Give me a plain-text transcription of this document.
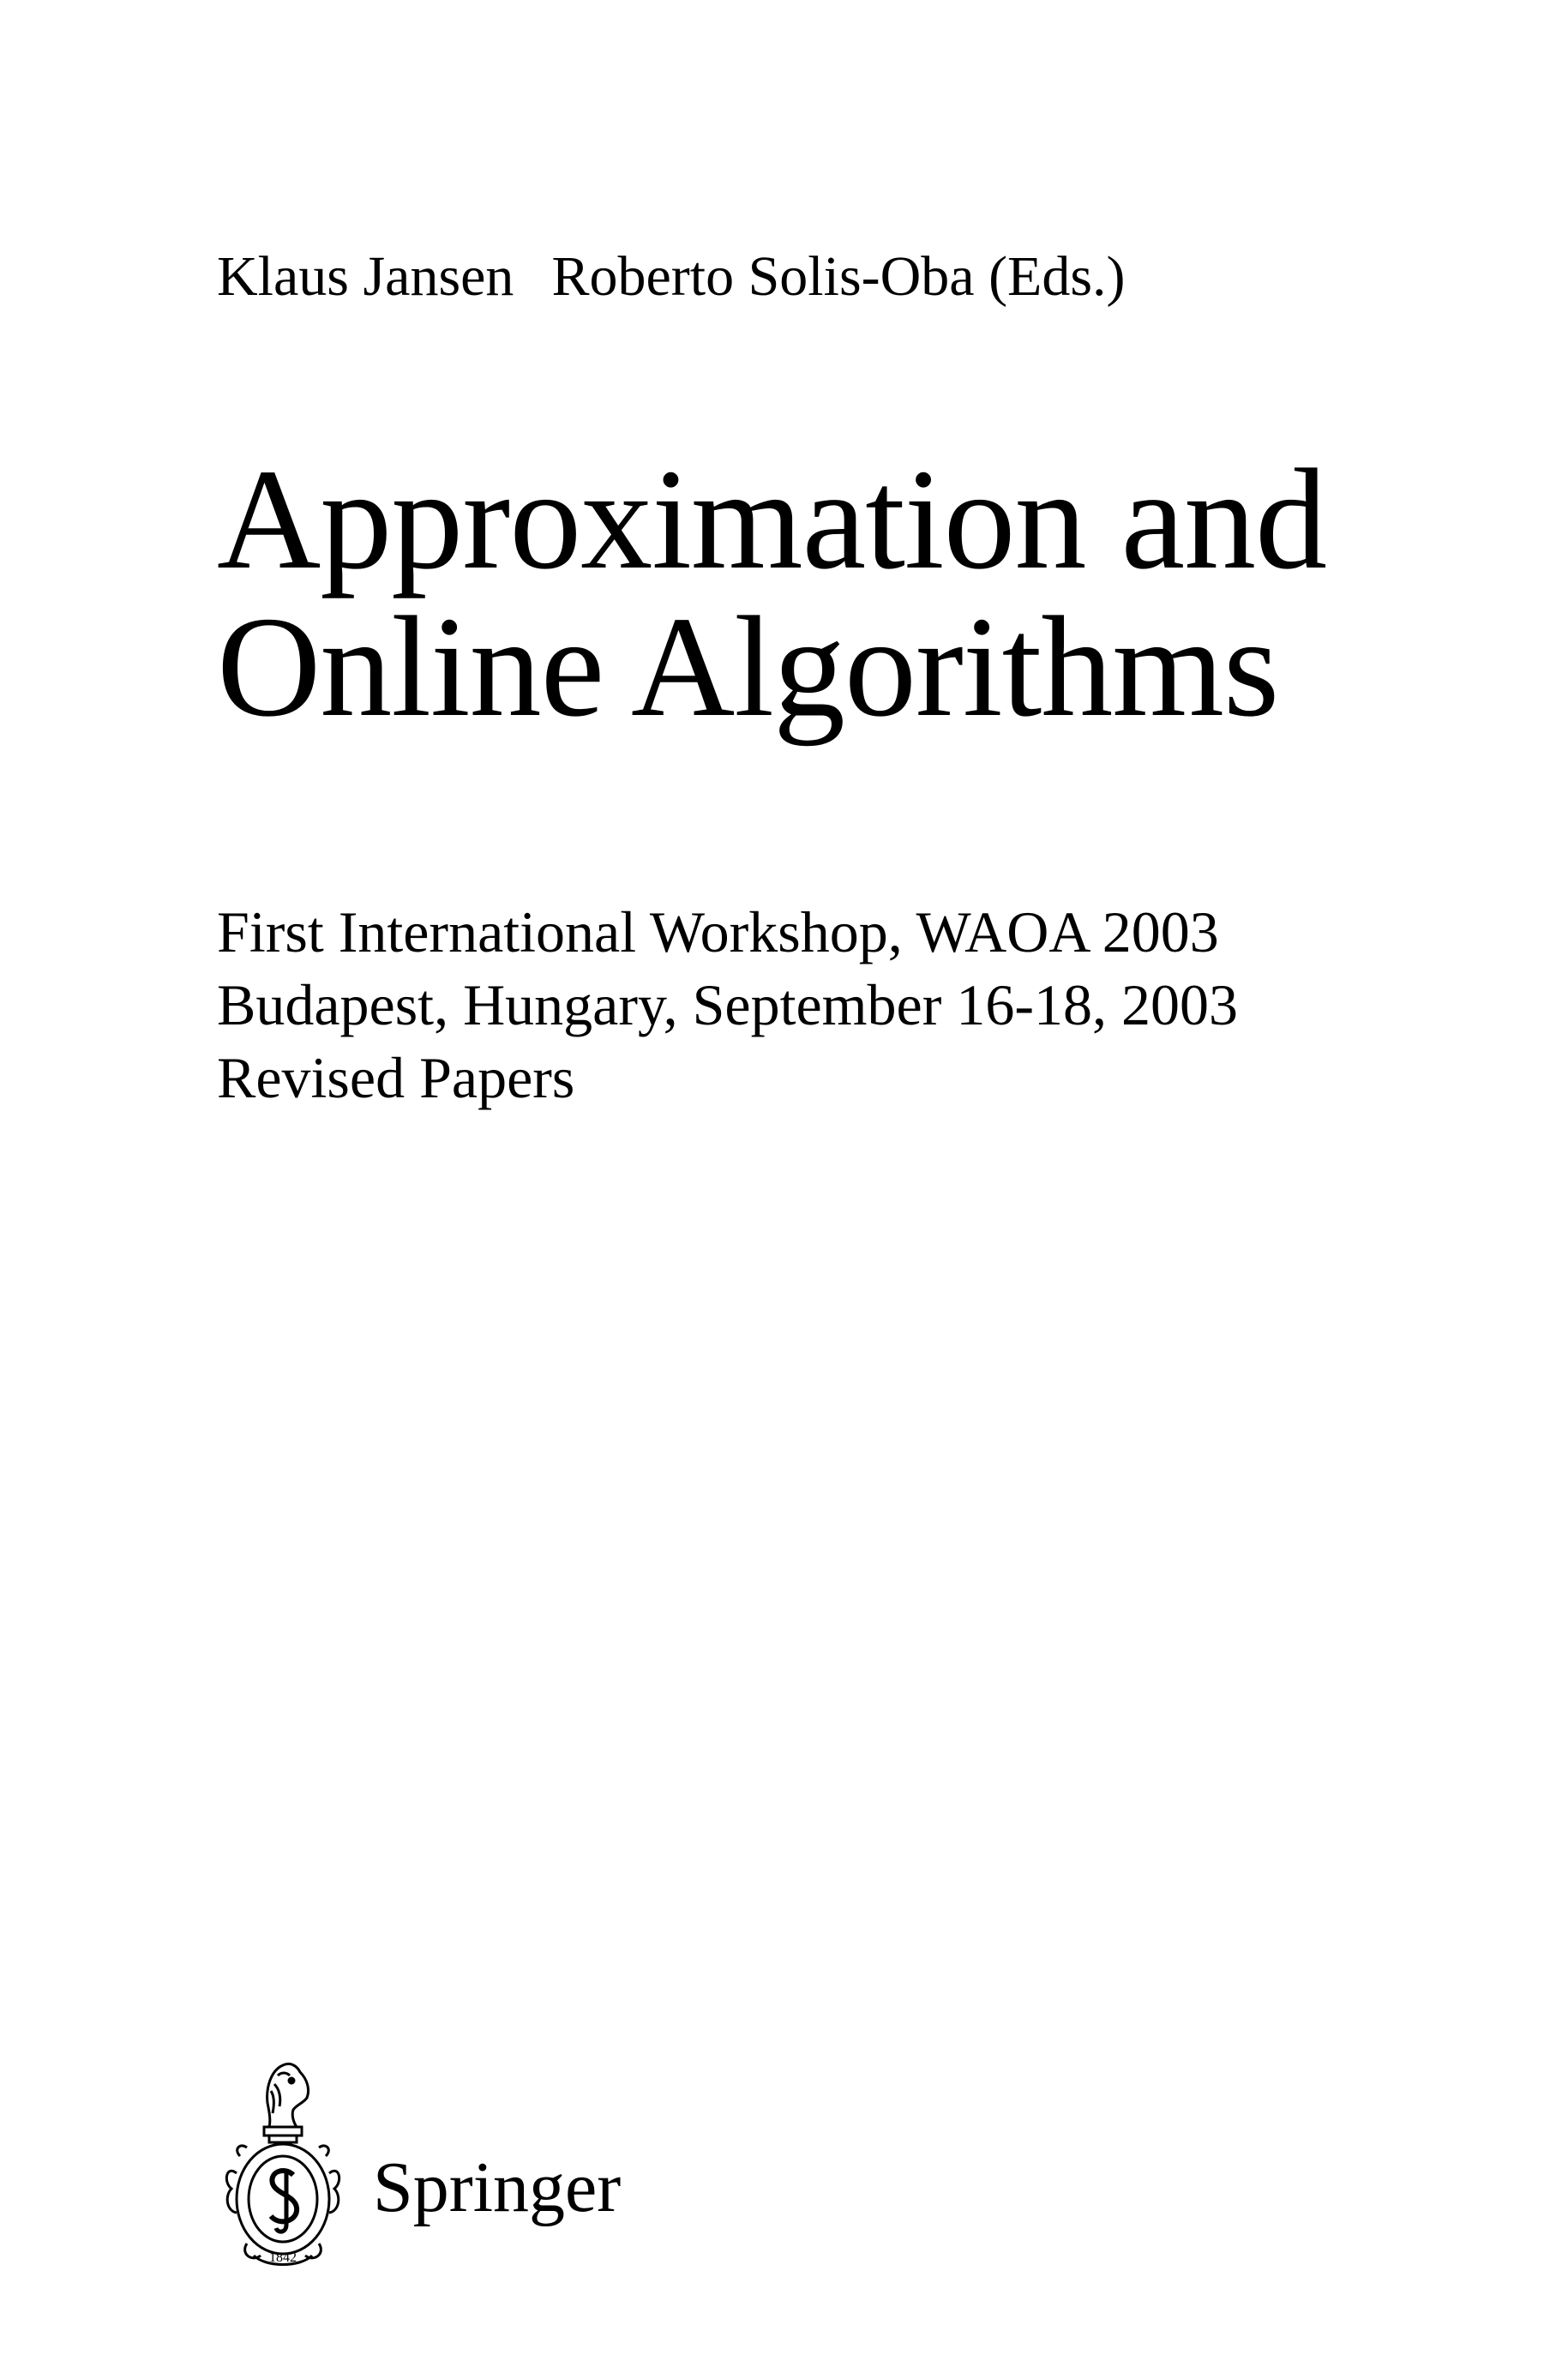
Klaus Jansen Roberto Solis-Oba (Eds.)
Approximation and
Online Algorithms
First International Workshop, WAOA 2003
Budapest, Hungary, September 16-18, 2003
Revised Papers
1842
Springer
